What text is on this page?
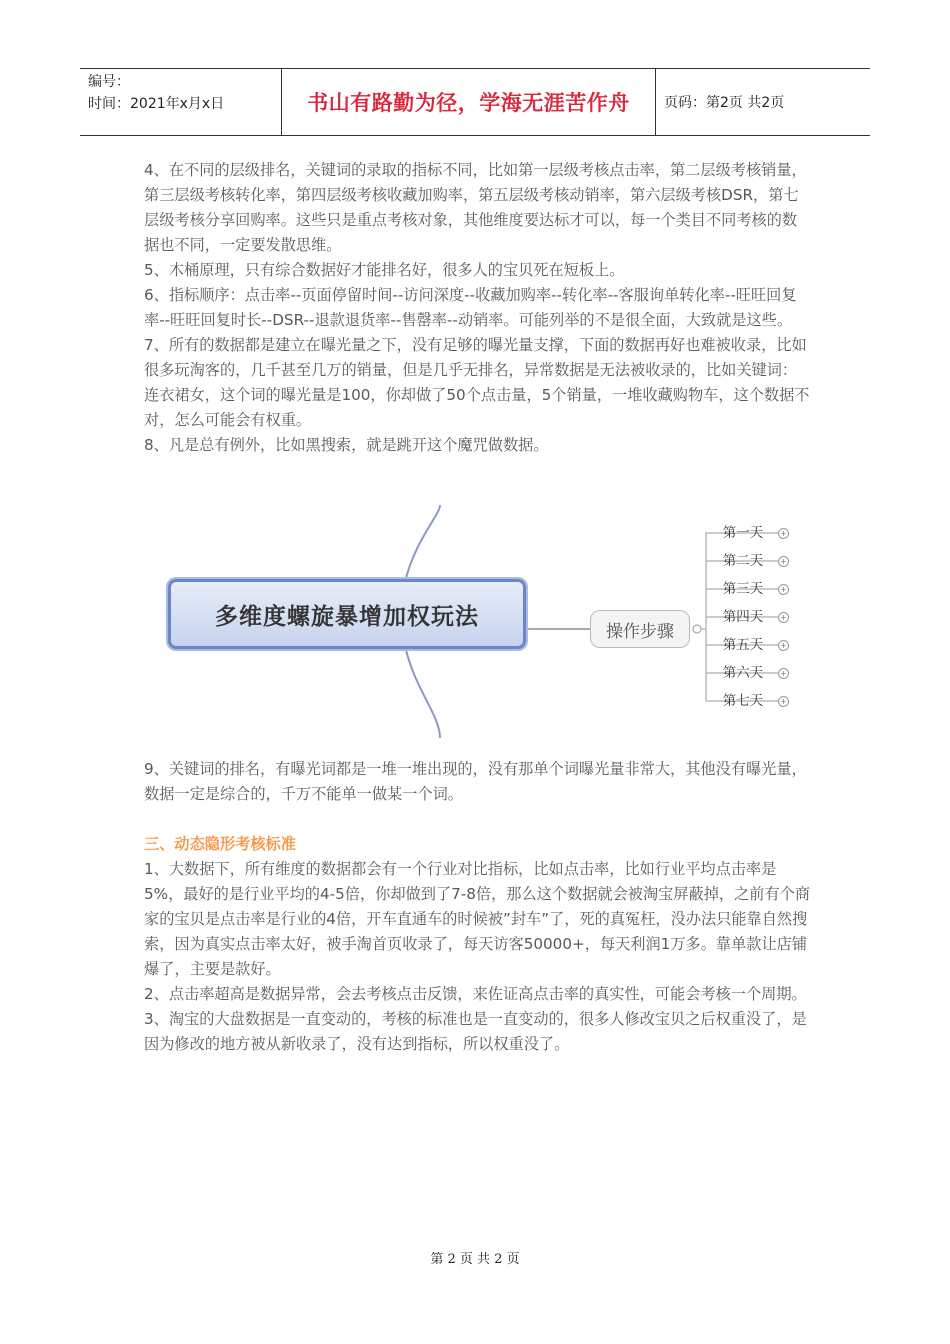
编号：
时间：2021年x月x日	书山有路勤为径，学海无涯苦作舟	页码：第2页 共2页

4、在不同的层级排名，关键词的录取的指标不同，比如第一层级考核点击率，第二层级考核销量，第三层级考核转化率，第四层级考核收藏加购率，第五层级考核动销率，第六层级考核DSR，第七层级考核分享回购率。这些只是重点考核对象，其他维度要达标才可以，每一个类目不同考核的数据也不同，一定要发散思维。

5、木桶原理，只有综合数据好才能排名好，很多人的宝贝死在短板上。

6、指标顺序：点击率--页面停留时间--访问深度--收藏加购率--转化率--客服询单转化率--旺旺回复率--旺旺回复时长--DSR--退款退货率--售罄率--动销率。可能列举的不是很全面，大致就是这些。

7、所有的数据都是建立在曝光量之下，没有足够的曝光量支撑，下面的数据再好也难被收录，比如很多玩淘客的，几千甚至几万的销量，但是几乎无排名，异常数据是无法被收录的，比如关键词：连衣裙女，这个词的曝光量是100，你却做了50个点击量，5个销量，一堆收藏购物车，这个数据不对，怎么可能会有权重。

8、凡是总有例外，比如黑搜索，就是跳开这个魔咒做数据。

多维度螺旋暴增加权玩法
操作步骤
第一天	+
第二天	+
第三天	+
第四天	+
第五天	+
第六天	+
第七天	+

9、关键词的排名，有曝光词都是一堆一堆出现的，没有那单个词曝光量非常大，其他没有曝光量，数据一定是综合的，千万不能单一做某一个词。

三、动态隐形考核标准

1、大数据下，所有维度的数据都会有一个行业对比指标，比如点击率，比如行业平均点击率是5%，最好的是行业平均的4-5倍，你却做到了7-8倍，那么这个数据就会被淘宝屏蔽掉，之前有个商家的宝贝是点击率是行业的4倍，开车直通车的时候被”封车”了，死的真冤枉，没办法只能靠自然搜索，因为真实点击率太好，被手淘首页收录了，每天访客50000+，每天利润1万多。靠单款让店铺爆了，主要是款好。

2、点击率超高是数据异常，会去考核点击反馈，来佐证高点击率的真实性，可能会考核一个周期。

3、淘宝的大盘数据是一直变动的，考核的标准也是一直变动的，很多人修改宝贝之后权重没了，是因为修改的地方被从新收录了，没有达到指标，所以权重没了。

第 2 页 共 2 页
